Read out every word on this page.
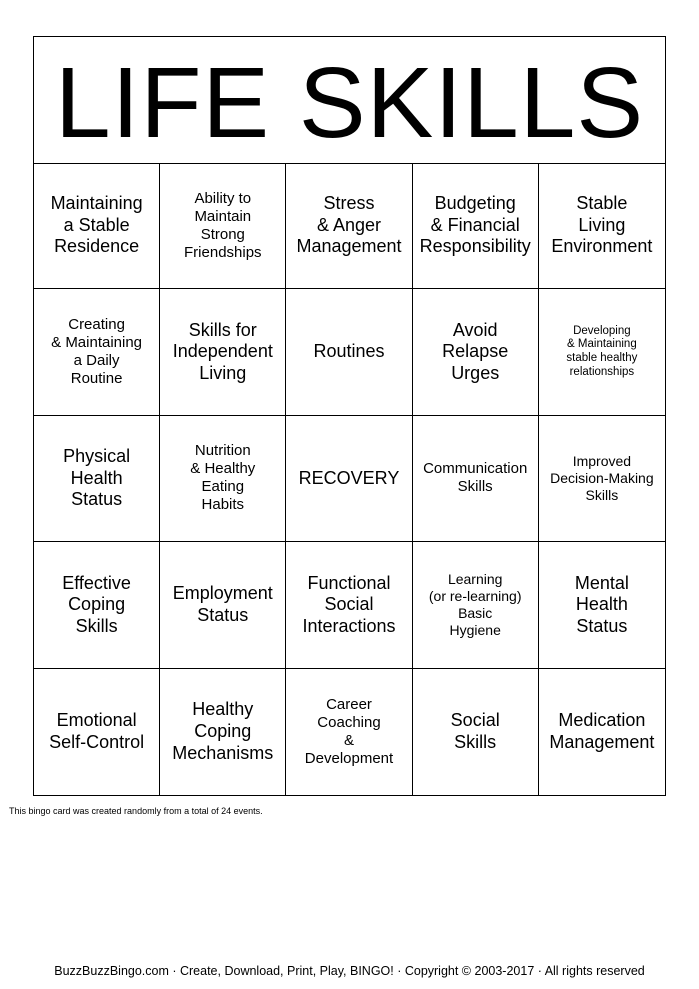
LIFE SKILLS
Maintaining
a Stable
Residence
Ability to
Maintain
Strong
Friendships
Stress
& Anger
Management
Budgeting
& Financial
Responsibility
Stable
Living
Environment
Creating
& Maintaining
a Daily
Routine
Skills for
Independent
Living
Routines
Avoid
Relapse
Urges
Developing
& Maintaining
stable healthy
relationships
Physical
Health
Status
Nutrition
& Healthy
Eating
Habits
RECOVERY Communication
Skills
Improved
Decision-Making
Skills
Effective
Coping
Skills
Employment
Status
Functional
Social
Interactions
Learning
(or re-learning)
Basic
Hygiene
Mental
Health
Status
Emotional
Self-Control
Healthy
Coping
Mechanisms
Career
Coaching
&
Development
Social
Skills
Medication
Management
This bingo card was created randomly from a total of 24 events.
BuzzBuzzBingo.com · Create, Download, Print, Play, BINGO! · Copyright © 2003-2017 · All rights reserved
